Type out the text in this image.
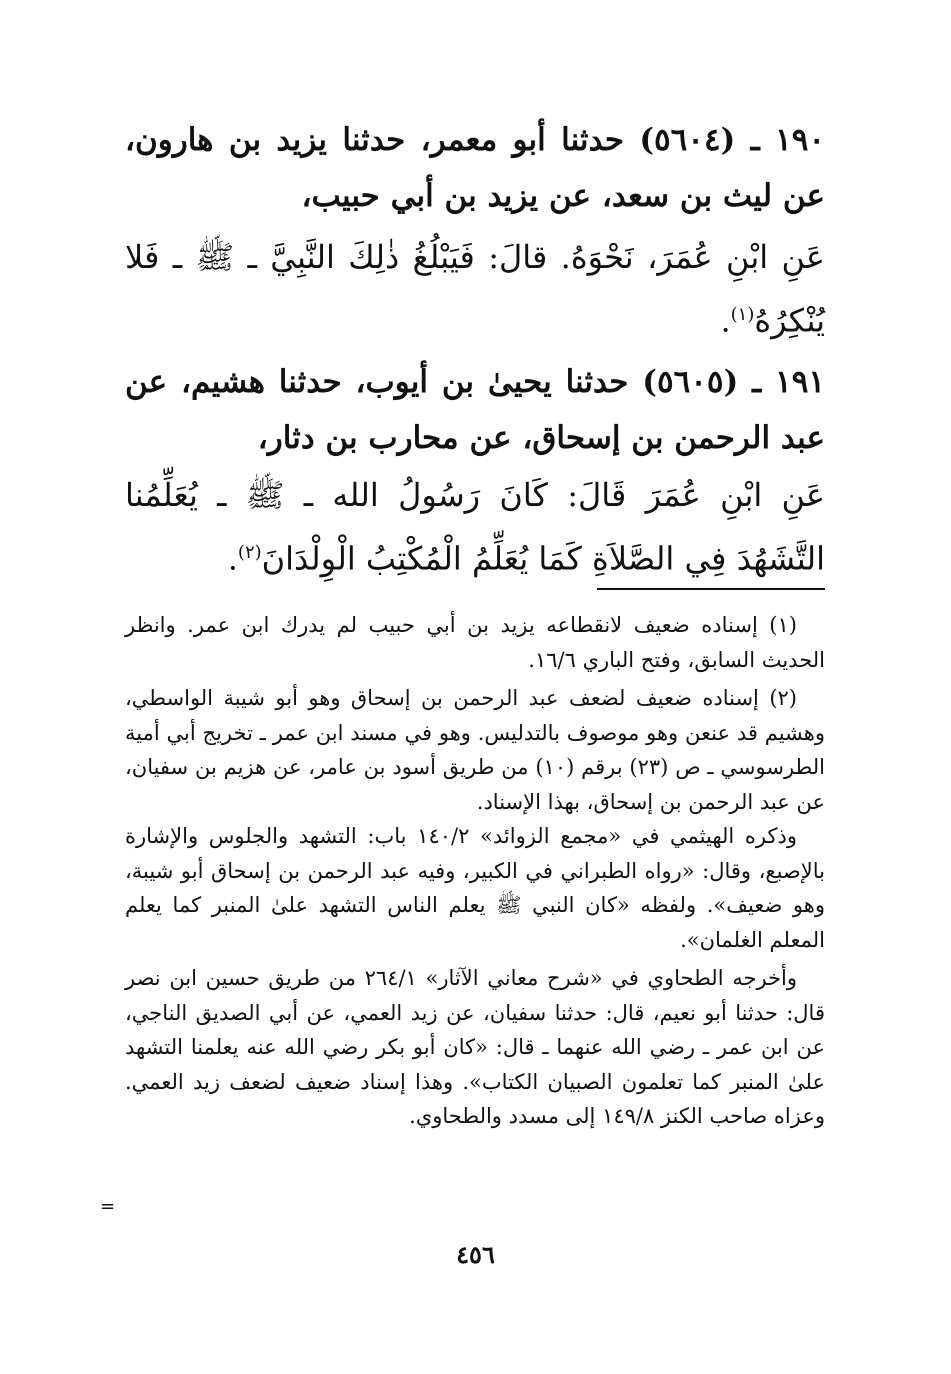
١٩٠ ـ (٥٦٠٤) حدثنا أبو معمر، حدثنا يزيد بن هارون، عن ليث بن سعد، عن يزيد بن أبي حبيب،

عَنِ ابْنِ عُمَرَ، نَحْوَهُ. قالَ: فَيَبْلُغُ ذٰلِكَ النَّبِيَّ ـ ﷺ ـ فَلا يُنْكِرُهُ$^{(١)}$.

١٩١ ـ (٥٦٠٥) حدثنا يحيىٰ بن أيوب، حدثنا هشيم، عن عبد الرحمن بن إسحاق، عن محارب بن دثار،

عَنِ ابْنِ عُمَرَ قَالَ: كَانَ رَسُولُ الله ـ ﷺ ـ يُعَلِّمُنا التَّشَهُدَ فِي الصَّلاَةِ كَمَا يُعَلِّمُ الْمُكْتِبُ الْوِلْدَانَ$^{(٢)}$.

(١) إسناده ضعيف لانقطاعه يزيد بن أبي حبيب لم يدرك ابن عمر. وانظر الحديث السابق، وفتح الباري ١٦/٦.

(٢) إسناده ضعيف لضعف عبد الرحمن بن إسحاق وهو أبو شيبة الواسطي، وهشيم قد عنعن وهو موصوف بالتدليس. وهو في مسند ابن عمر ـ تخريج أبي أمية الطرسوسي ـ ص (٢٣) برقم (١٠) من طريق أسود بن عامر، عن هزيم بن سفيان، عن عبد الرحمن بن إسحاق، بهذا الإسناد.

وذكره الهيثمي في «مجمع الزوائد» ١٤٠/٢ باب: التشهد والجلوس والإشارة بالإصبع، وقال: «رواه الطبراني في الكبير، وفيه عبد الرحمن بن إسحاق أبو شيبة، وهو ضعيف». ولفظه «كان النبي ﷺ يعلم الناس التشهد علىٰ المنبر كما يعلم المعلم الغلمان».

وأخرجه الطحاوي في «شرح معاني الآثار» ٢٦٤/١ من طريق حسين ابن نصر قال: حدثنا أبو نعيم، قال: حدثنا سفيان، عن زيد العمي، عن أبي الصديق الناجي، عن ابن عمر ـ رضي الله عنهما ـ قال: «كان أبو بكر رضي الله عنه يعلمنا التشهد علىٰ المنبر كما تعلمون الصبيان الكتاب». وهذا إسناد ضعيف لضعف زيد العمي. وعزاه صاحب الكنز ١٤٩/٨ إلى مسدد والطحاوي.

=
٤٥٦
